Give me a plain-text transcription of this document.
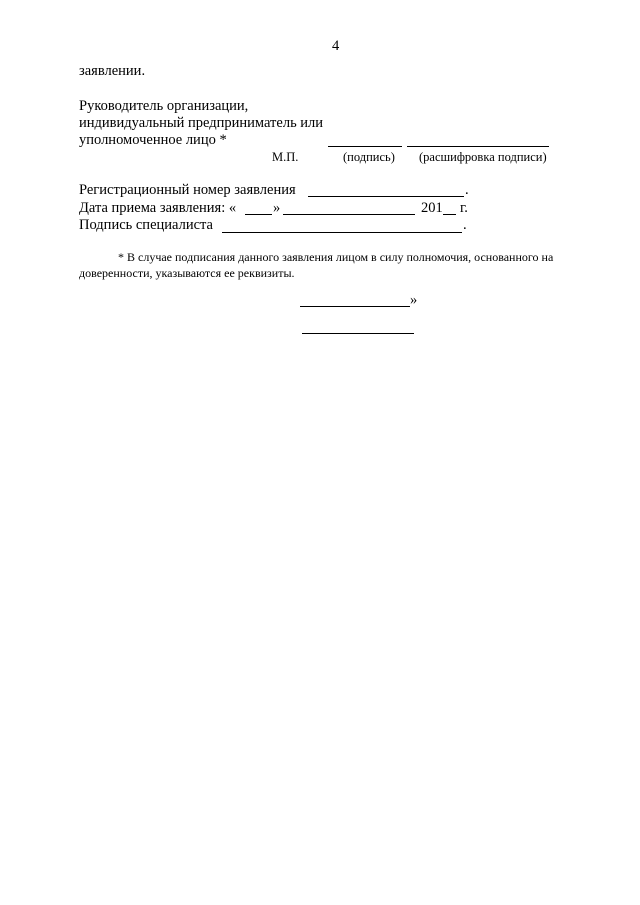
4
заявлении.
Руководитель организации,
индивидуальный предприниматель или
уполномоченное лицо *
М.П.	(подпись) (расшифровка подписи)
Регистрационный номер заявления	.
Дата приема заявления: «	»	201 г.
Подпись специалиста	.
* В случае подписания данного заявления лицом в силу полномочия, основанного на
доверенности, указываются ее реквизиты.
»
